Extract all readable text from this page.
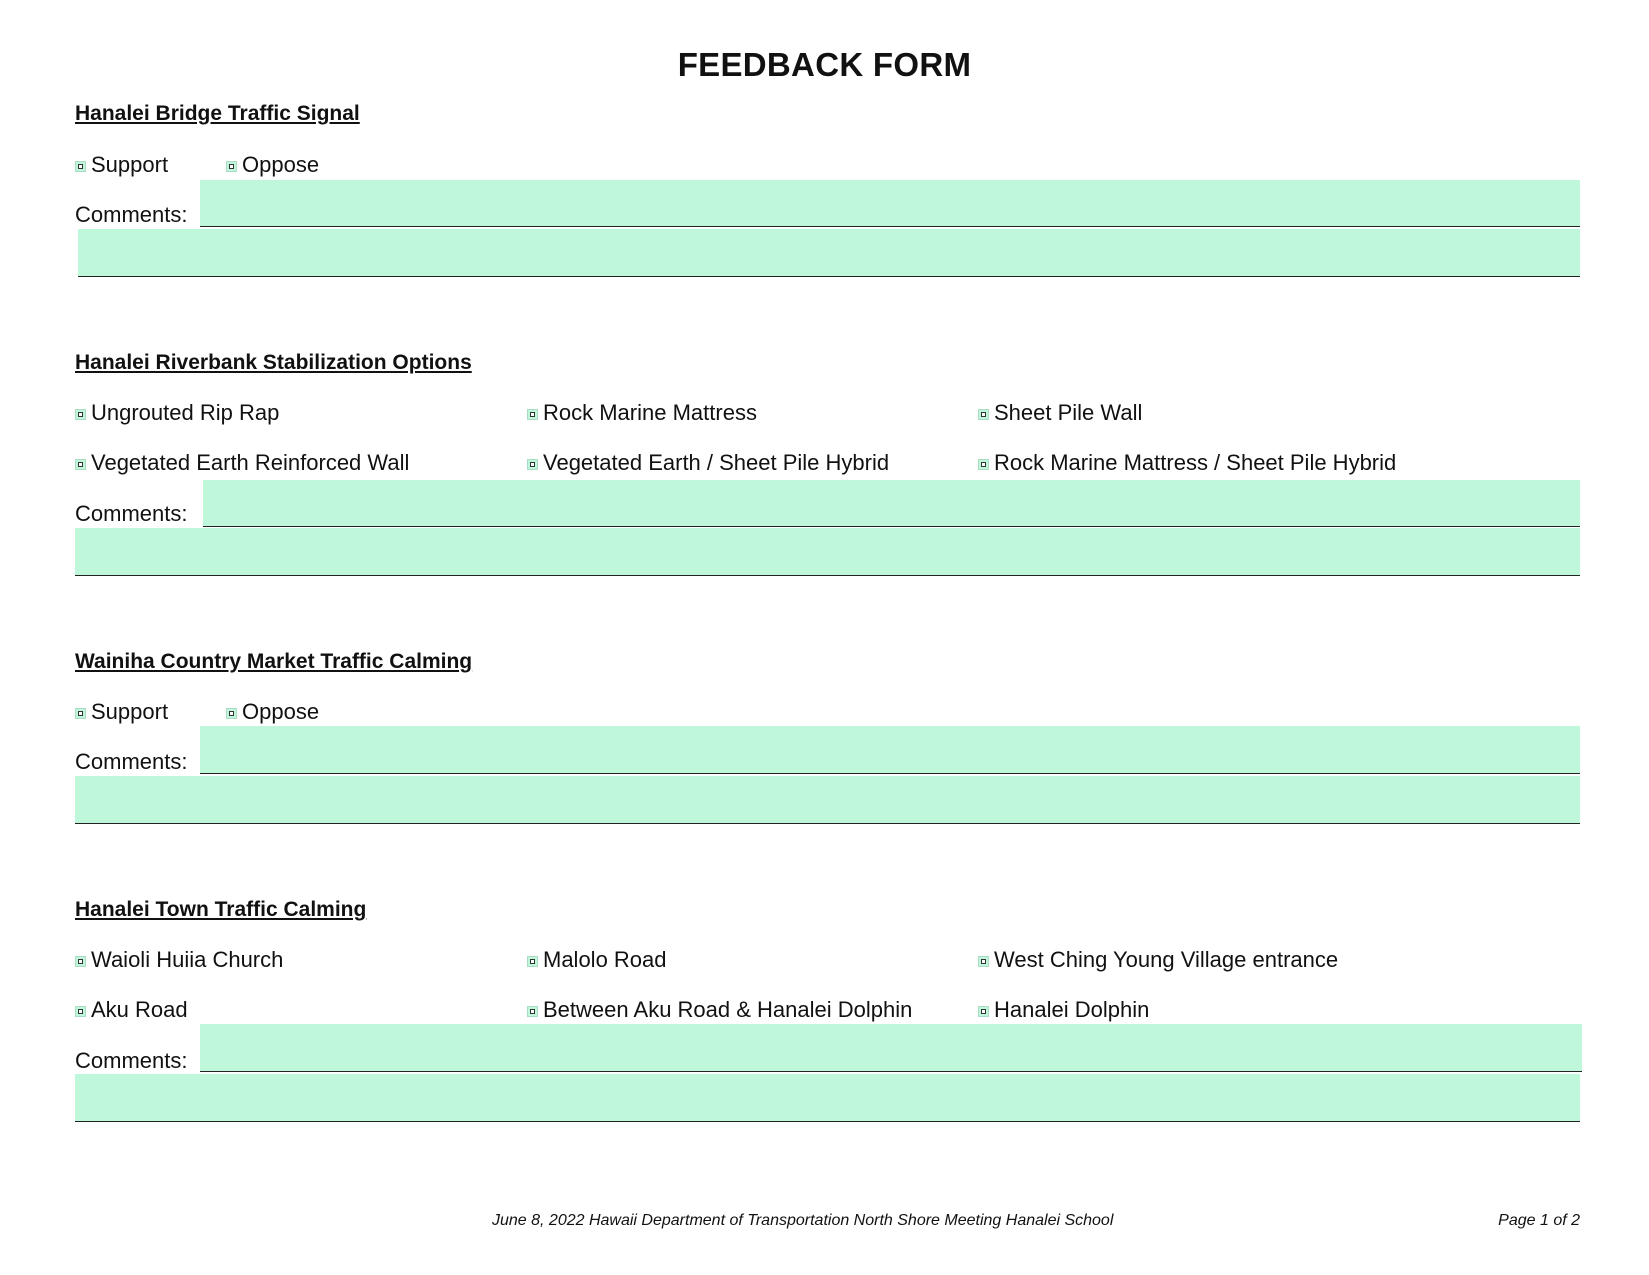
FEEDBACK FORM
Hanalei Bridge Traffic Signal
Support	Oppose
Comments:
Hanalei Riverbank Stabilization Options
Ungrouted Rip Rap	Rock Marine Mattress	Sheet Pile Wall
Vegetated Earth Reinforced Wall	Vegetated Earth / Sheet Pile Hybrid	Rock Marine Mattress / Sheet Pile Hybrid
Comments:
Wainiha Country Market Traffic Calming
Support	Oppose
Comments:
Hanalei Town Traffic Calming
Waioli Huiia Church	Malolo Road	West Ching Young Village entrance
Aku Road	Between Aku Road & Hanalei Dolphin	Hanalei Dolphin
Comments:
June 8, 2022 Hawaii Department of Transportation North Shore Meeting Hanalei School	Page 1 of 2
